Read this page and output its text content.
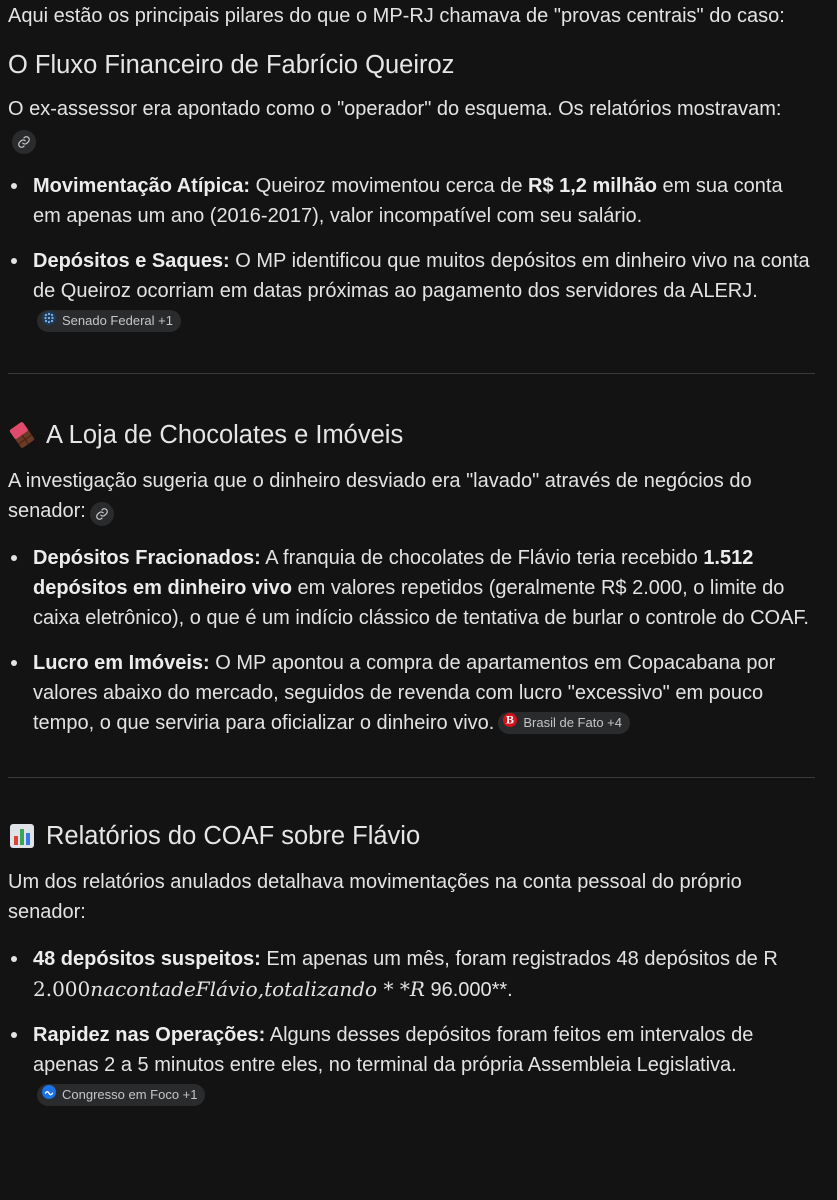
Aqui estão os principais pilares do que o MP-RJ chamava de "provas centrais" do caso:

O Fluxo Financeiro de Fabrício Queiroz

O ex-assessor era apontado como o "operador" do esquema. Os relatórios mostravam:

Movimentação Atípica: Queiroz movimentou cerca de R$ 1,2 milhão em sua conta em apenas um ano (2016-2017), valor incompatível com seu salário.
Depósitos e Saques: O MP identificou que muitos depósitos em dinheiro vivo na conta de Queiroz ocorriam em datas próximas ao pagamento dos servidores da ALERJ.
Senado Federal +1
A Loja de Chocolates e Imóveis

A investigação sugeria que o dinheiro desviado era "lavado" através de negócios do senador:

Depósitos Fracionados: A franquia de chocolates de Flávio teria recebido 1.512 depósitos em dinheiro vivo em valores repetidos (geralmente R$ 2.000, o limite do caixa eletrônico), o que é um indício clássico de tentativa de burlar o controle do COAF.
Lucro em Imóveis: O MP apontou a compra de apartamentos em Copacabana por valores abaixo do mercado, seguidos de revenda com lucro "excessivo" em pouco tempo, o que serviria para oficializar o dinheiro vivo. B Brasil de Fato +4
Relatórios do COAF sobre Flávio

Um dos relatórios anulados detalhava movimentações na conta pessoal do próprio senador:

48 depósitos suspeitos: Em apenas um mês, foram registrados 48 depósitos de R 2.000nacontadeFlávio,totalizando * *R 96.000**.
Rapidez nas Operações: Alguns desses depósitos foram feitos em intervalos de apenas 2 a 5 minutos entre eles, no terminal da própria Assembleia Legislativa.
Congresso em Foco +1
